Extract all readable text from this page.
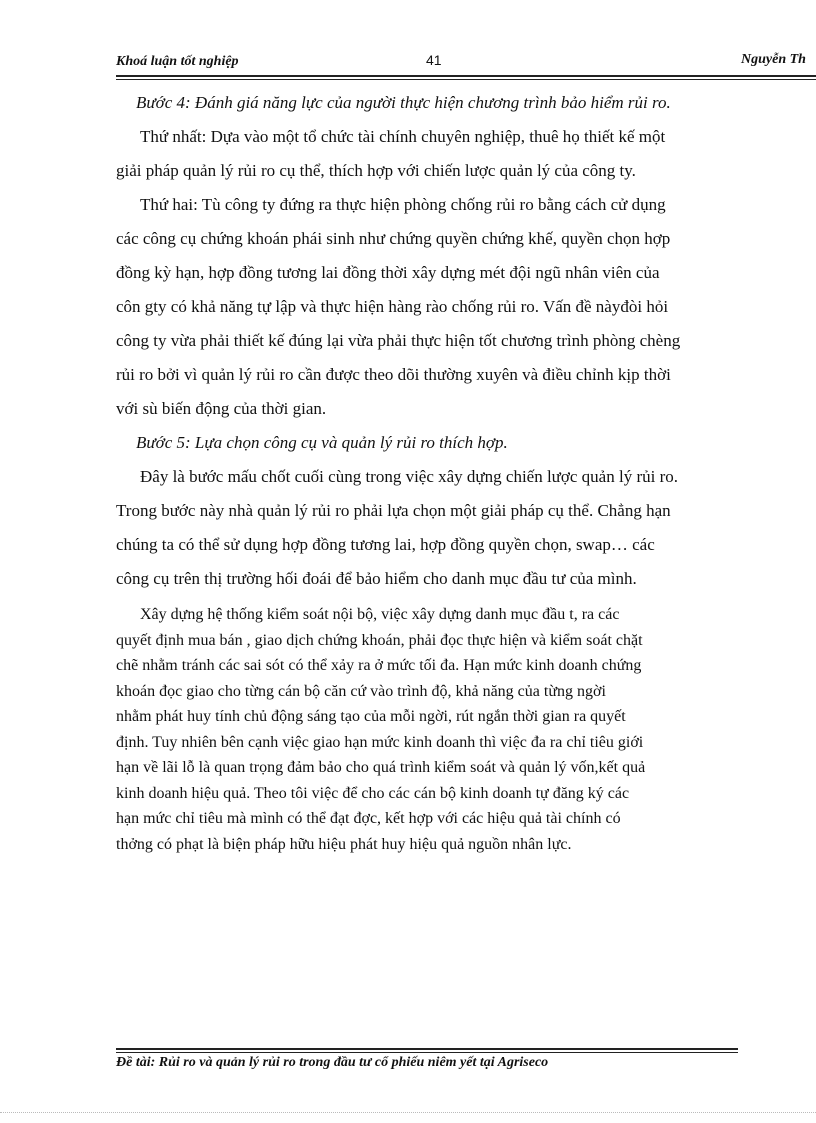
Khoá luận tốt nghiệp	41	Nguyễn Th
Bước 4: Đánh giá năng lực của người thực hiện chương trình bảo hiểm rủi ro.
Thứ nhất: Dựa vào một tổ chức tài chính chuyên nghiệp, thuê họ thiết kế một
giải pháp quản lý rủi ro cụ thể, thích hợp với chiến lược quản lý của công ty.
Thứ hai: Tù công ty đứng ra thực hiện phòng chống rủi ro bằng cách cử dụng
các công cụ chứng khoán phái sinh như chứng quyền chứng khế, quyền chọn hợp
đồng kỳ hạn, hợp đồng tương lai đồng thời xây dựng mét đội ngũ nhân viên của
côn gty có khả năng tự lập và thực hiện hàng rào chống rủi ro. Vấn đề nàyđòi hỏi
công ty vừa phải thiết kế đúng lại vừa phải thực hiện tốt chương trình phòng chèng
rủi ro bởi vì quản lý rủi ro cần được theo dõi thường xuyên và điều chỉnh kịp thời
với sù biến động của thời gian.
Bước 5: Lựa chọn công cụ và quản lý rủi ro thích hợp.
Đây là bước mấu chốt cuối cùng trong việc xây dựng chiến lược quản lý rủi ro.
Trong bước này nhà quản lý rủi ro phải lựa chọn một giải pháp cụ thể. Chẳng hạn
chúng ta có thể sử dụng hợp đồng tương lai, hợp đồng quyền chọn, swap… các
công cụ trên thị trường hối đoái để bảo hiểm cho danh mục đầu tư của mình.
Xây dựng hệ thống kiểm soát nội bộ, việc xây dựng danh mục đầu t, ra các
quyết định mua bán , giao dịch chứng khoán, phải đọc thực hiện và kiểm soát chặt
chẽ nhằm tránh các sai sót có thể xảy ra ở mức tối đa. Hạn mức kinh doanh chứng
khoán đọc giao cho từng cán bộ căn cứ vào trình độ, khả năng của từng ngời
nhằm phát huy tính chủ động sáng tạo của mỗi ngời, rút ngắn thời gian ra quyết
định. Tuy nhiên bên cạnh việc giao hạn mức kinh doanh thì việc đa ra chỉ tiêu giới
hạn về lãi lỗ là quan trọng đảm bảo cho quá trình kiểm soát và quản lý vốn,kết quả
kinh doanh hiệu quả. Theo tôi việc để cho các cán bộ kinh doanh tự đăng ký các
hạn mức chỉ tiêu mà mình có thể đạt đợc, kết hợp với các hiệu quả tài chính có
thởng có phạt là biện pháp hữu hiệu phát huy hiệu quả nguồn nhân lực.
Đề tài: Rủi ro và quản lý rủi ro trong đầu tư cổ phiếu niêm yết tại Agriseco
